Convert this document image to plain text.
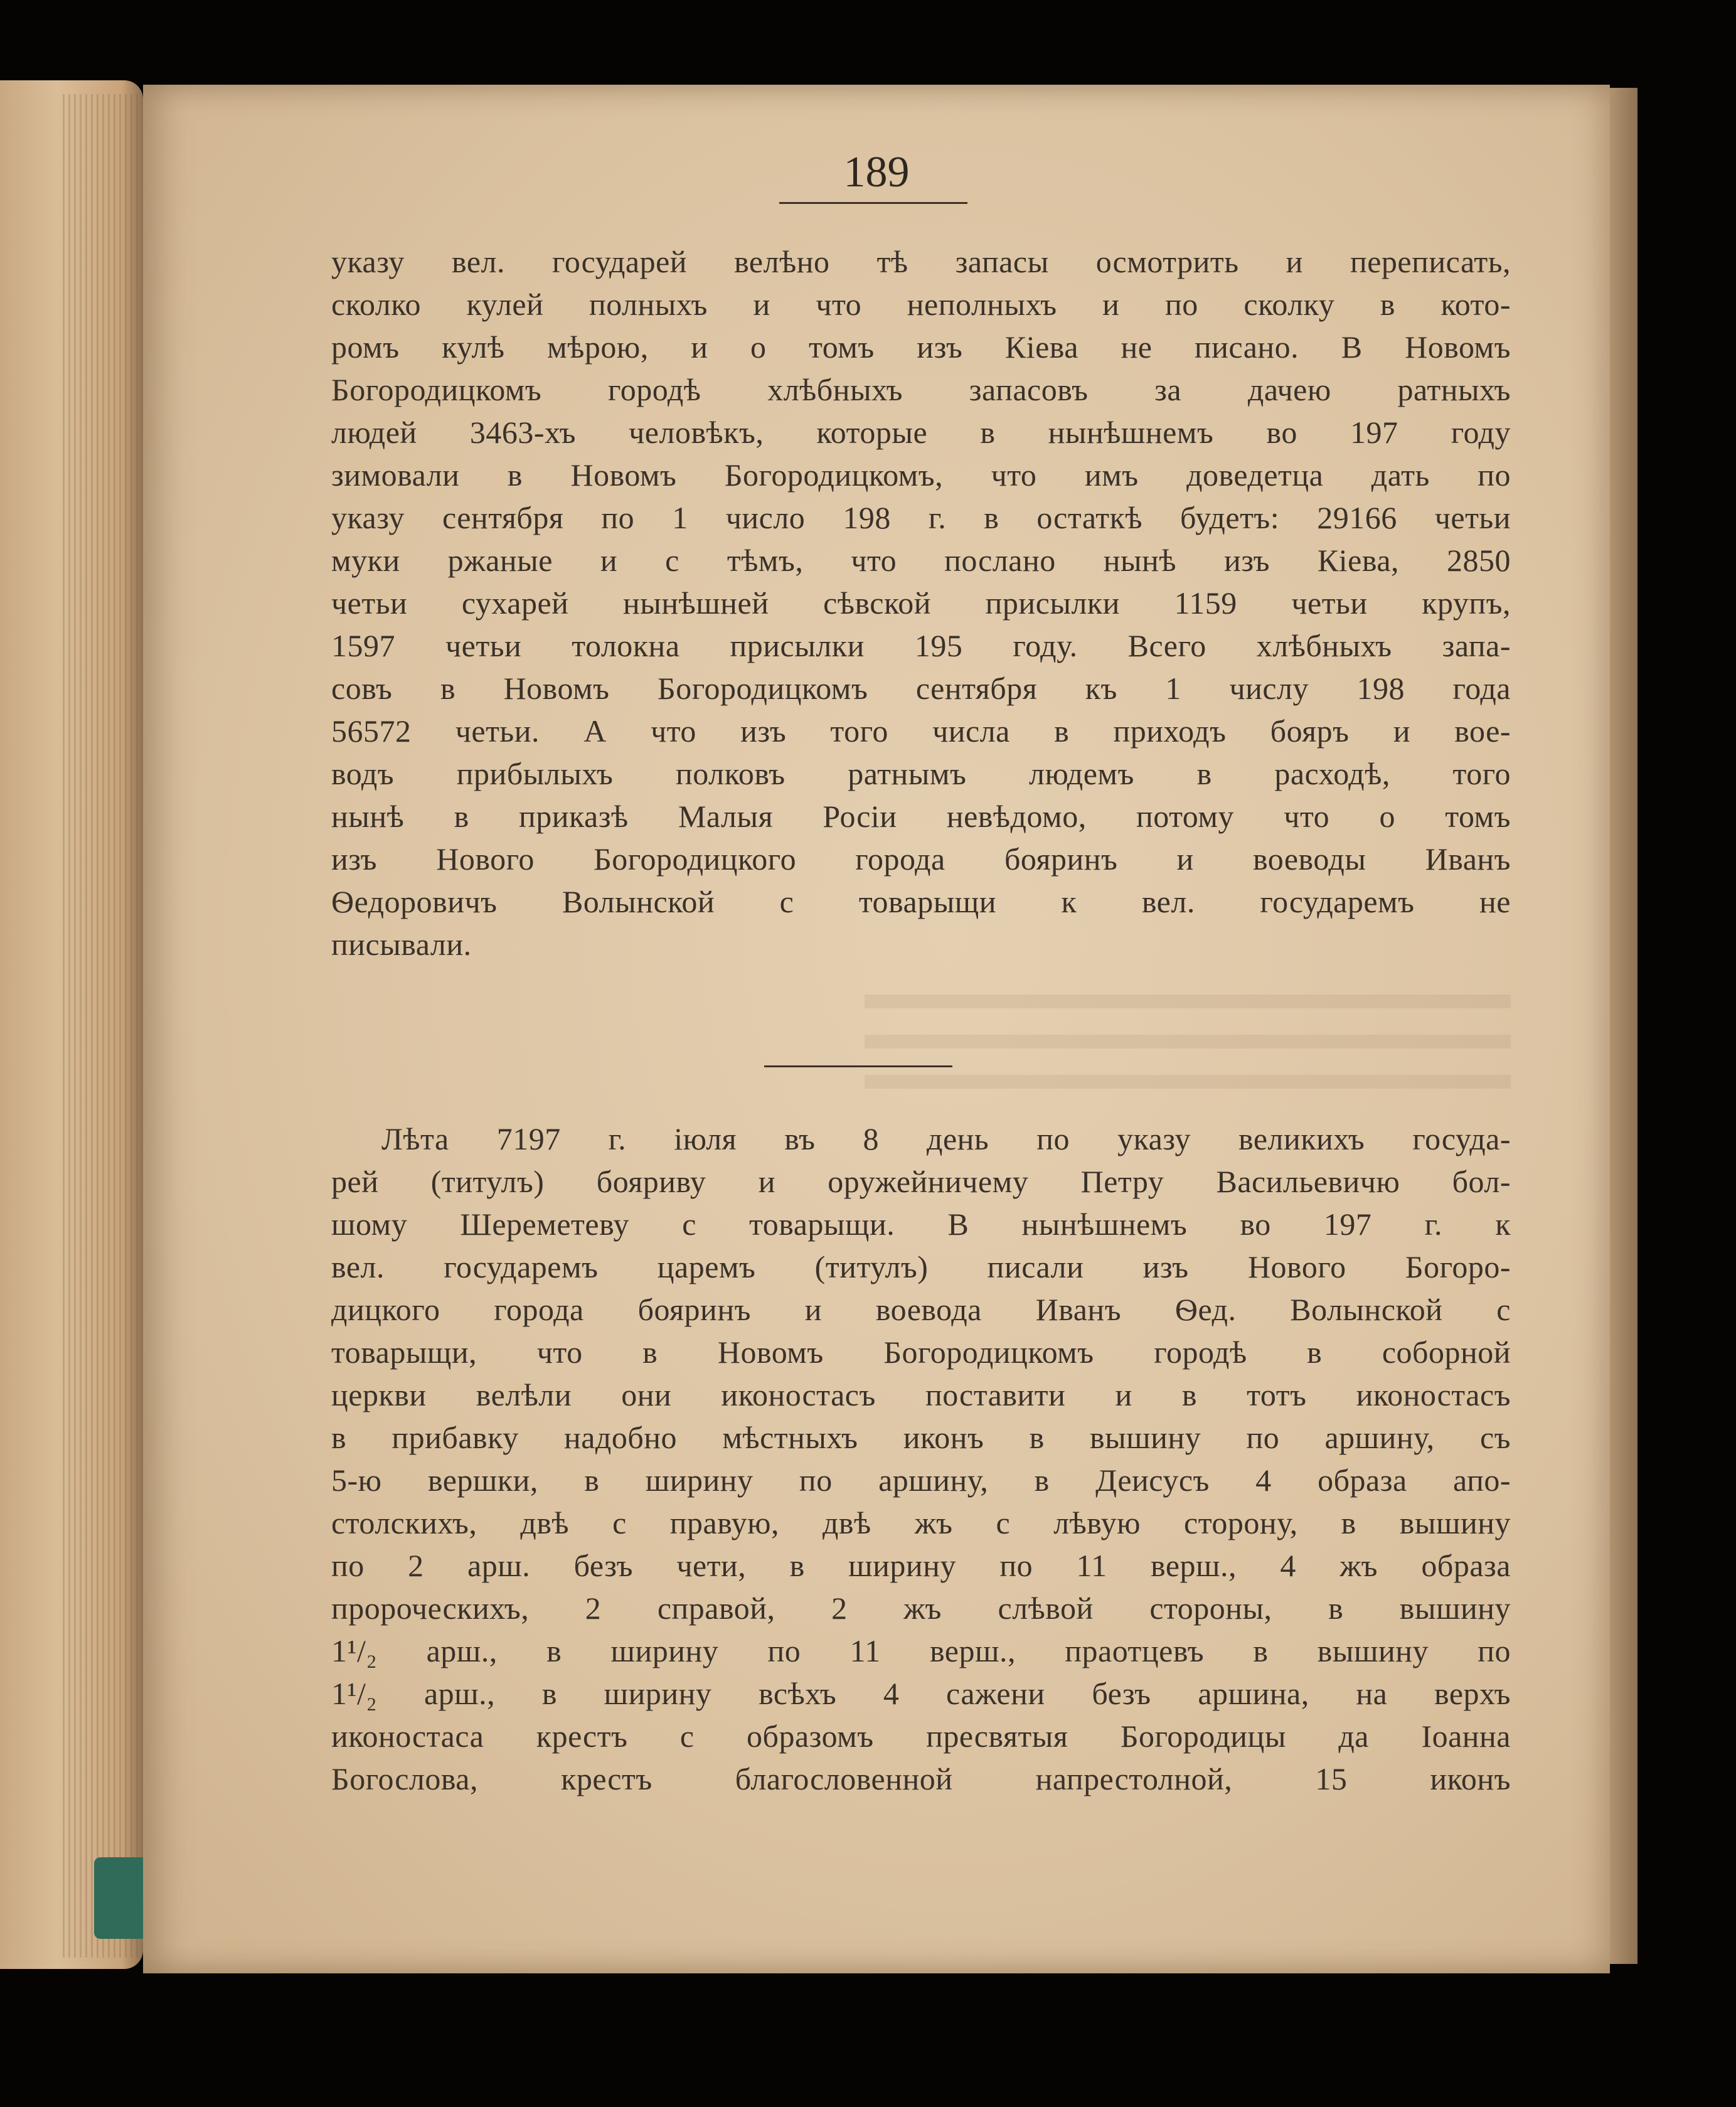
189
указу вел. государей велѣно тѣ запасы осмотрить и переписать,
сколко кулей полныхъ и что неполныхъ и по сколку в кото-
ромъ кулѣ мѣрою, и о томъ изъ Кіева не писано. В Новомъ
Богородицкомъ городѣ хлѣбныхъ запасовъ за дачею ратныхъ
людей 3463-хъ человѣкъ, которые в нынѣшнемъ во 197 году
зимовали в Новомъ Богородицкомъ, что имъ доведетца дать по
указу сентября по 1 число 198 г. в остаткѣ будетъ: 29166 четьи
муки ржаные и с тѣмъ, что послано нынѣ изъ Кіева, 2850
четьи сухарей нынѣшней сѣвской присылки 1159 четьи крупъ,
1597 четьи толокна присылки 195 году. Всего хлѣбныхъ запа-
совъ в Новомъ Богородицкомъ сентября къ 1 числу 198 года
56572 четьи. А что изъ того числа в приходъ бояръ и вое-
водъ прибылыхъ полковъ ратнымъ людемъ в расходѣ, того
нынѣ в приказѣ Малыя Росіи невѣдомо, потому что о томъ
изъ Нового Богородицкого города бояринъ и воеводы Иванъ
Ѳедоровичъ Волынской с товарыщи к вел. государемъ не
писывали.
Лѣта 7197 г. іюля въ 8 день по указу великихъ госуда-
рей (титулъ) бояриву и оружейничему Петру Васильевичю бол-
шому Шереметеву с товарыщи. В нынѣшнемъ во 197 г. к
вел. государемъ царемъ (титулъ) писали изъ Нового Богоро-
дицкого города бояринъ и воевода Иванъ Ѳед. Волынской с
товарыщи, что в Новомъ Богородицкомъ городѣ в соборной
церкви велѣли они иконостасъ поставити и в тотъ иконостасъ
в прибавку надобно мѣстныхъ иконъ в вышину по аршину, съ
5-ю вершки, в ширину по аршину, в Деисусъ 4 образа апо-
столскихъ, двѣ с правую, двѣ жъ с лѣвую сторону, в вышину
по 2 арш. безъ чети, в ширину по 11 верш., 4 жъ образа
пророческихъ, 2 справой, 2 жъ слѣвой стороны, в вышину
1¹/₂ арш., в ширину по 11 верш., праотцевъ в вышину по
1¹/₂ арш., в ширину всѣхъ 4 сажени безъ аршина, на верхъ
иконостаса крестъ с образомъ пресвятыя Богородицы да Іоанна
Богослова, крестъ благословенной напрестолной, 15 иконъ
